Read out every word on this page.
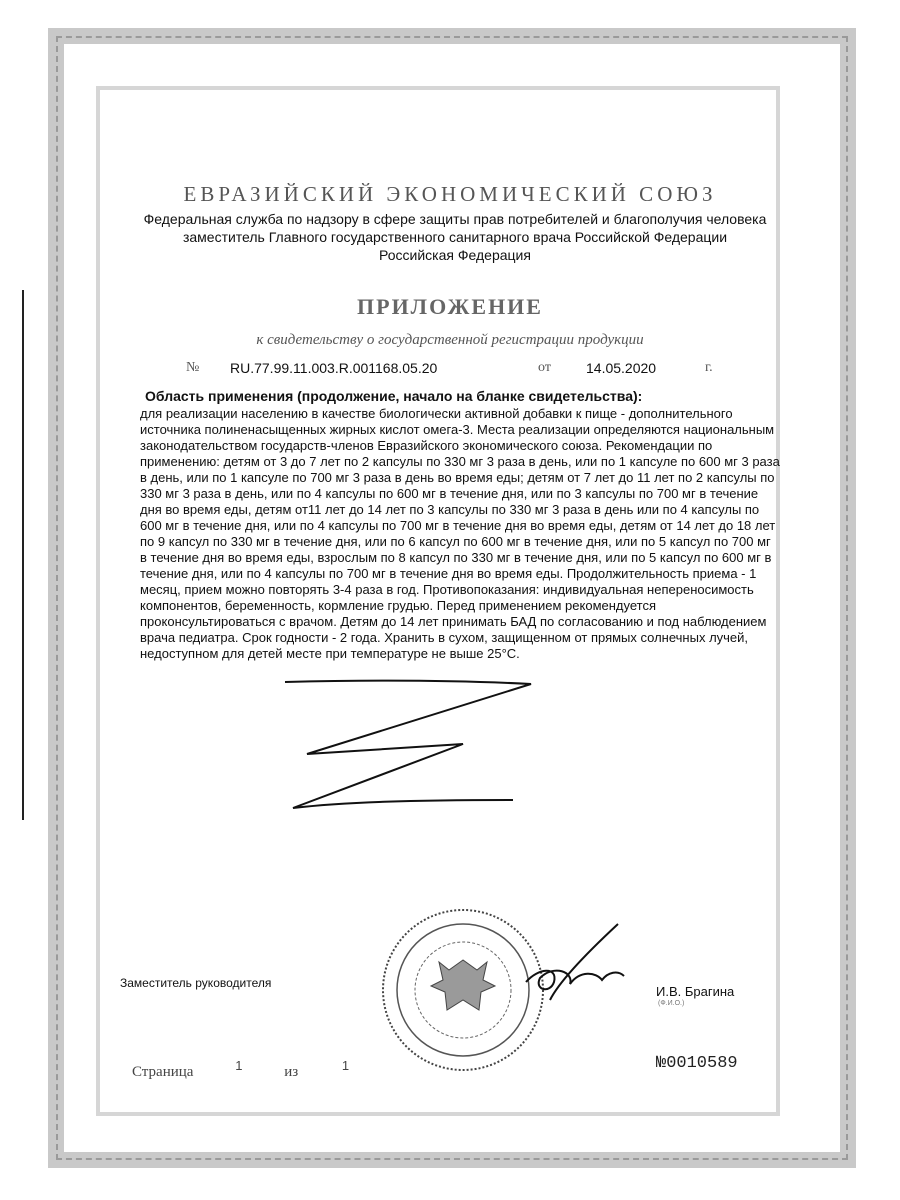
ЕВРАЗИЙСКИЙ ЭКОНОМИЧЕСКИЙ СОЮЗ
Федеральная служба по надзору в сфере защиты прав потребителей и благополучия человека
заместитель Главного государственного санитарного врача Российской Федерации
Российская Федерация
ПРИЛОЖЕНИЕ
к свидетельству о государственной регистрации продукции
№ RU.77.99.11.003.R.001168.05.20	от	14.05.2020	г.
Область применения (продолжение, начало на бланке свидетельства):
для реализации населению в качестве биологически активной добавки к пище - дополнительного источника полиненасыщенных жирных кислот омега-3. Места реализации определяются национальным законодательством государств-членов Евразийского экономического союза. Рекомендации по применению: детям от 3 до 7 лет по 2 капсулы по 330 мг 3 раза в день, или по 1 капсуле по 600 мг 3 раза в день, или по 1 капсуле по 700 мг 3 раза в день во время еды; детям от 7 лет до 11 лет по 2 капсулы по 330 мг 3 раза в день, или по 4 капсулы по 600 мг в течение дня, или по 3 капсулы по 700 мг в течение дня во время еды, детям от11 лет до 14 лет по 3 капсулы по 330 мг 3 раза в день или по 4 капсулы по 600 мг в течение дня, или по 4 капсулы по 700 мг в течение дня во время еды, детям от 14 лет до 18 лет по 9 капсул по 330 мг в течение дня, или по 6 капсул по 600 мг в течение дня, или по 5 капсул по 700 мг в течение дня во время еды, взрослым по 8 капсул по 330 мг в течение дня, или по 5 капсул по 600 мг в течение дня, или по 4 капсулы по 700 мг в течение дня во время еды. Продолжительность приема - 1 месяц, прием можно повторять 3-4 раза в год. Противопоказания: индивидуальная непереносимость компонентов, беременность, кормление грудью. Перед применением рекомендуется проконсультироваться с врачом. Детям до 14 лет принимать БАД по согласованию и под наблюдением врача педиатра. Срок годности - 2 года. Хранить в сухом, защищенном от прямых солнечных лучей, недоступном для детей месте при температуре не выше 25°С.
Заместитель руководителя
И.В. Брагина
(Ф.И.О.)
Страница	1	из	1	№0010589
